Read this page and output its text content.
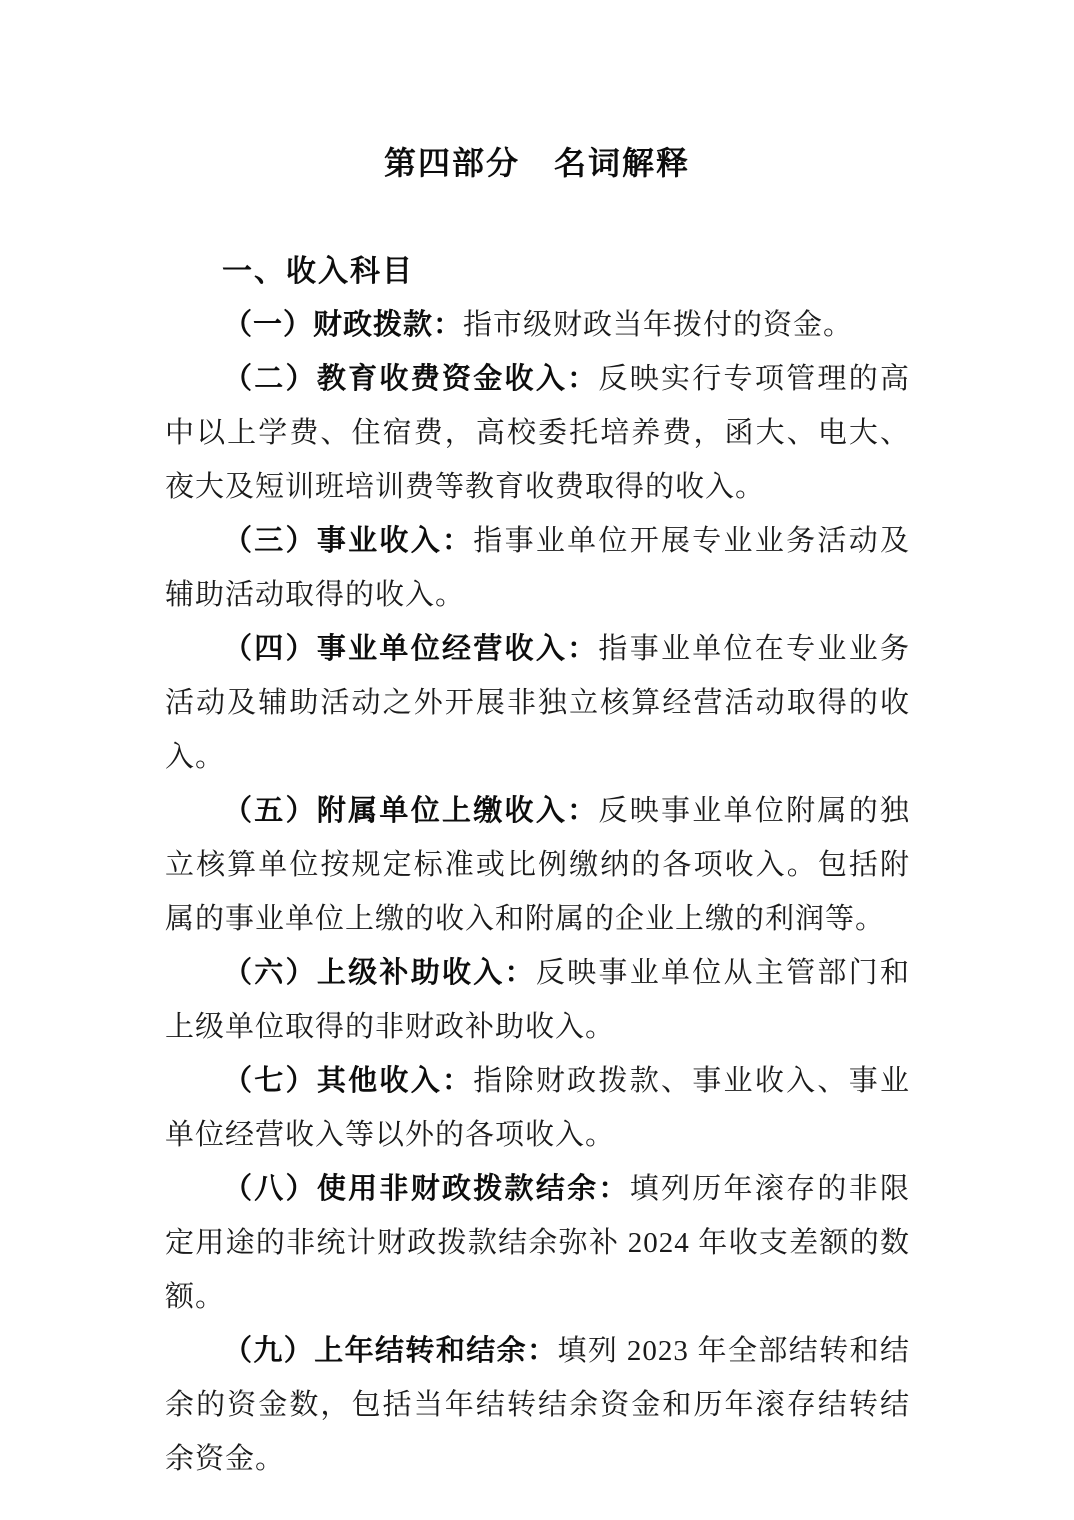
第四部分　名词解释
一、收入科目

（一）财政拨款：指市级财政当年拨付的资金。

（二）教育收费资金收入：反映实行专项管理的高中以上学费、住宿费，高校委托培养费，函大、电大、夜大及短训班培训费等教育收费取得的收入。

（三）事业收入：指事业单位开展专业业务活动及辅助活动取得的收入。

（四）事业单位经营收入：指事业单位在专业业务活动及辅助活动之外开展非独立核算经营活动取得的收入。

（五）附属单位上缴收入：反映事业单位附属的独立核算单位按规定标准或比例缴纳的各项收入。包括附属的事业单位上缴的收入和附属的企业上缴的利润等。

（六）上级补助收入：反映事业单位从主管部门和上级单位取得的非财政补助收入。

（七）其他收入：指除财政拨款、事业收入、事业单位经营收入等以外的各项收入。

（八）使用非财政拨款结余：填列历年滚存的非限定用途的非统计财政拨款结余弥补 2024 年收支差额的数额。

（九）上年结转和结余：填列 2023 年全部结转和结余的资金数，包括当年结转结余资金和历年滚存结转结余资金。
